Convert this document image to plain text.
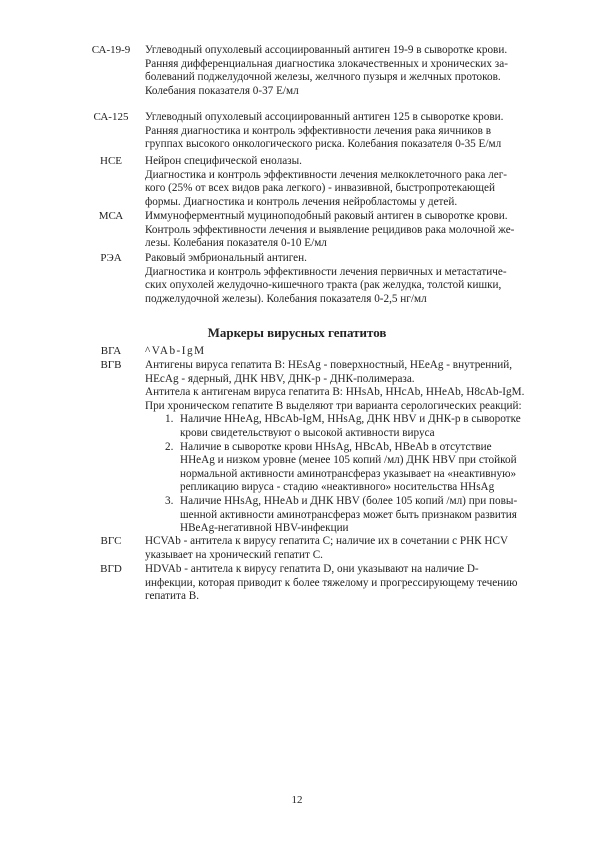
СА-19-9	Углеводный опухолевый ассоциированный антиген 19-9 в сыворотке крови.

Ранняя дифференциальная диагностика злокачественных и хронических за-

болеваний поджелудочной железы, желчного пузыря и желчных протоков.

Колебания показателя 0-37 Е/мл

СА-125	Углеводный опухолевый ассоциированный антиген 125 в сыворотке крови.

Ранняя диагностика и контроль эффективности лечения рака яичников в

группах высокого онкологического риска. Колебания показателя 0-35 Е/мл

НСЕ	Нейрон специфической енолазы.

Диагностика и контроль эффективности лечения мелкоклеточного рака лег-

кого (25% от всех видов рака легкого) - инвазивной, быстропротекающей

формы. Диагностика и контроль лечения нейробластомы у детей.

МСА	Иммуноферментный муциноподобный раковый антиген в сыворотке крови.

Контроль эффективности лечения и выявление рецидивов рака молочной же-

лезы. Колебания показателя 0-10 Е/мл

РЭА	Раковый эмбриональный антиген.

Диагностика и контроль эффективности лечения первичных и метастатиче-

ских опухолей желудочно-кишечного тракта (рак желудка, толстой кишки,

поджелудочной железы). Колебания показателя 0-2,5 нг/мл

Маркеры вирусных гепатитов
ВГА	^VAb-IgM
ВГВ	Антигены вируса гепатита В: НЕsAg - поверхностный, НЕеAg - внутренний,

НЕсAg - ядерный, ДНК НВV, ДНК-р - ДНК-полимераза.

Антитела к антигенам вируса гепатита В: ННsAb, ННсAb, ННеAb, Н8сAb-IgM.

При хроническом гепатите В выделяют три варианта серологических реакций:

1. Наличие ННеAg, НВсAb-IgM, ННsAg, ДНК НВV и ДНК-р в сыворотке

крови свидетельствуют о высокой активности вируса

2. Наличие в сыворотке крови ННsAg, НВсAb, НВеAb в отсутствие

ННеAg и низком уровне (менее 105 копий /мл) ДНК НВV при стойкой

нормальной активности аминотрансфераз указывает на «неактивную»

репликацию вируса - стадию «неактивного» носительства ННsAg

3. Наличие ННsAg, ННеAb и ДНК НВV (более 105 копий /мл) при повы-

шенной активности аминотрансфераз может быть признаком развития

НВеAg-негативной НВV-инфекции

ВГС	НСVAb - антитела к вирусу гепатита С; наличие их в сочетании с РНК НСV

указывает на хронический гепатит С.

ВГD	НDVAb - антитела к вирусу гепатита D, они указывают на наличие D-

инфекции, которая приводит к более тяжелому и прогрессирующему течению

гепатита В.

12
